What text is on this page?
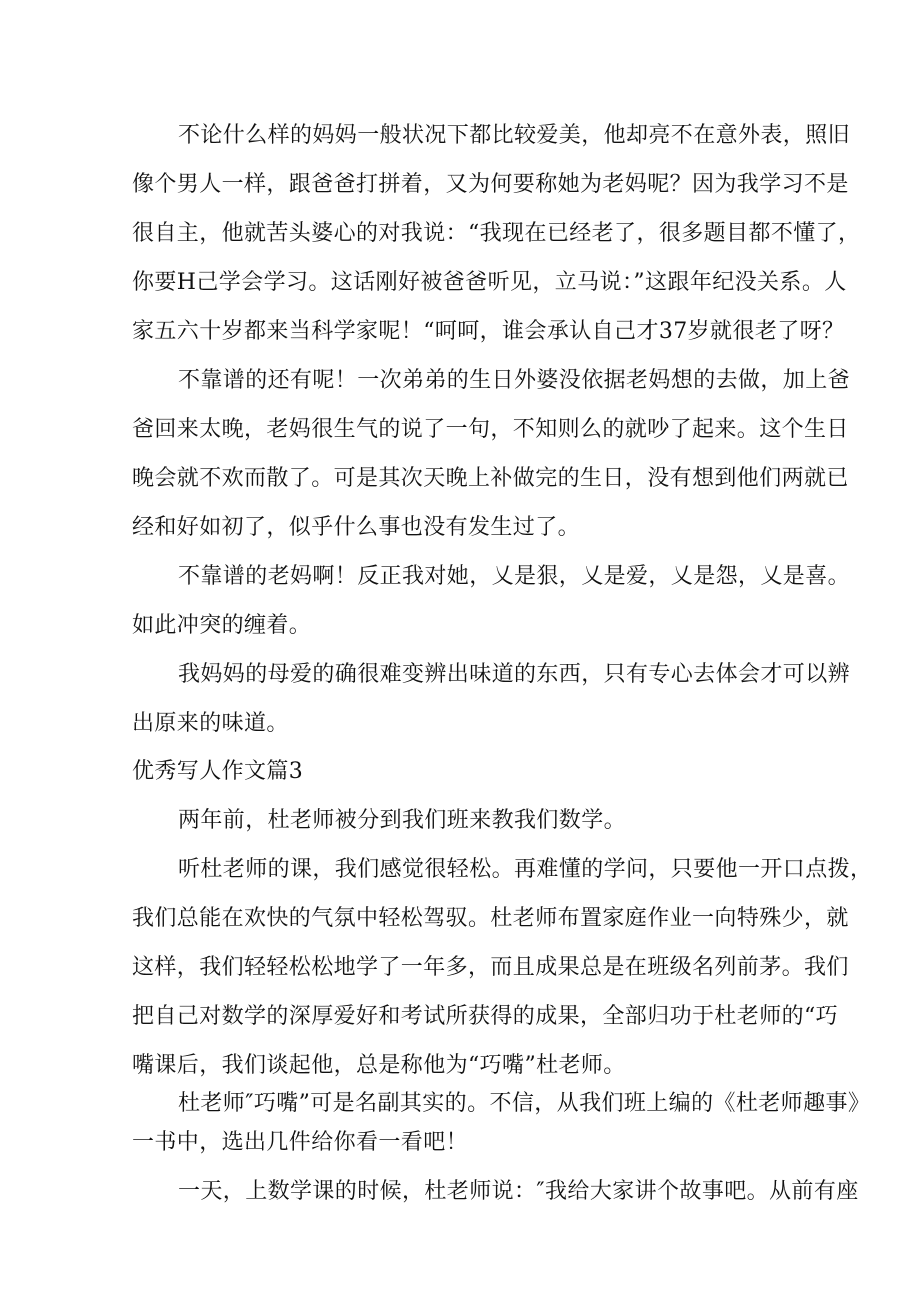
不论什么样的妈妈一般状况下都比较爱美，他却亮不在意外表，照旧
像个男人一样，跟爸爸打拼着，又为何要称她为老妈呢？因为我学习不是
很自主，他就苦头婆心的对我说：“我现在已经老了，很多题目都不懂了，
你要H己学会学习。这话刚好被爸爸听见，立马说：”这跟年纪没关系。人
家五六十岁都来当科学家呢！“呵呵，谁会承认自己才37岁就很老了呀？
不靠谱的还有呢！一次弟弟的生日外婆没依据老妈想的去做，加上爸
爸回来太晚，老妈很生气的说了一句，不知则么的就吵了起来。这个生日
晚会就不欢而散了。可是其次天晚上补做完的生日，没有想到他们两就已
经和好如初了，似乎什么事也没有发生过了。
不靠谱的老妈啊！反正我对她，乂是狠，乂是爱，乂是怨，乂是喜。
如此冲突的缠着。
我妈妈的母爱的确很难变辨出味道的东西，只有专心去体会才可以辨
出原来的味道。
优秀写人作文篇3
两年前，杜老师被分到我们班来教我们数学。
听杜老师的课，我们感觉很轻松。再难懂的学问，只要他一开口点拨，
我们总能在欢快的气氛中轻松驾驭。杜老师布置家庭作业一向特殊少，就
这样，我们轻轻松松地学了一年多，而且成果总是在班级名列前茅。我们
把自己对数学的深厚爱好和考试所获得的成果，全部归功于杜老师的“巧
嘴课后，我们谈起他，总是称他为“巧嘴”杜老师。
杜老师″巧嘴”可是名副其实的。不信，从我们班上编的《杜老师趣事》
一书中，选出几件给你看一看吧！
一天，上数学课的时候，杜老师说：″我给大家讲个故事吧。从前有座
